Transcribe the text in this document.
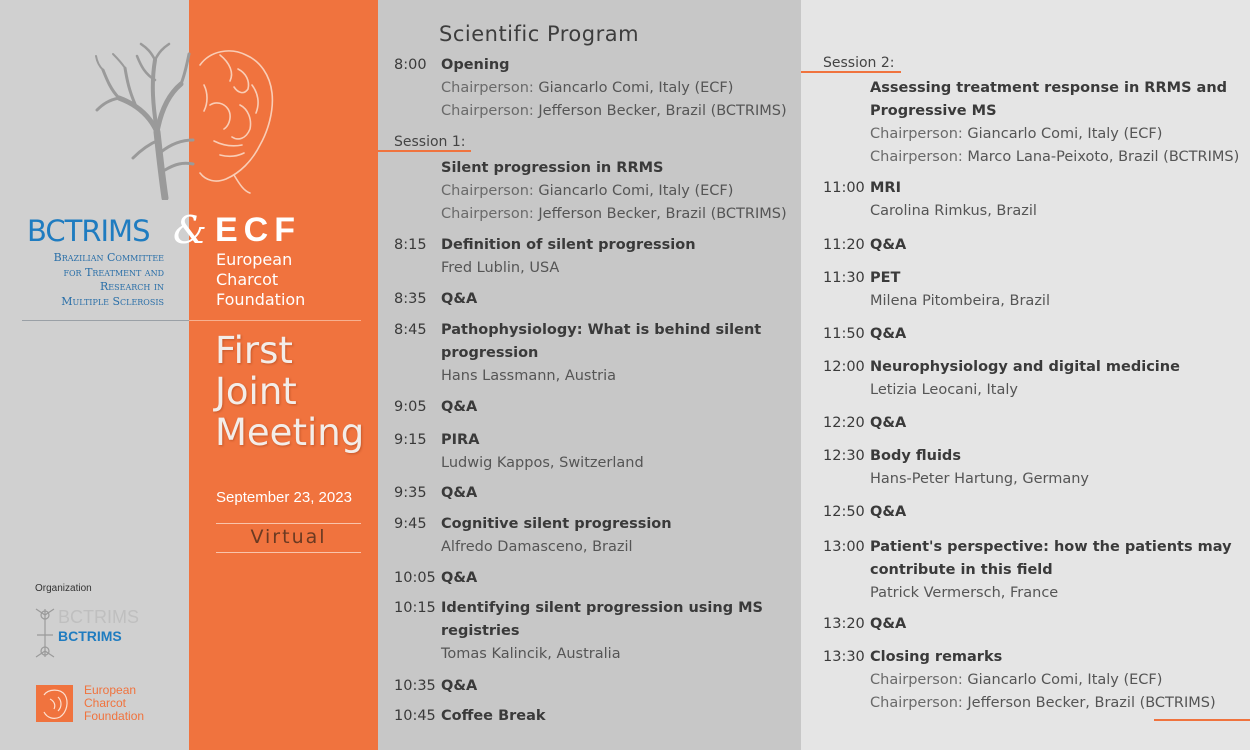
BCTRIMS
Brazilian Committee
for Treatment and
Research in
Multiple Sclerosis
& ECF
European
Charcot
Foundation
First
Joint
Meeting
September 23, 2023
Virtual
Organization
BCTRIMS
BCTRIMS
European
Charcot
Foundation
Scientific Program
8:00 Opening
Chairperson: Giancarlo Comi, Italy (ECF)
Chairperson: Jefferson Becker, Brazil (BCTRIMS)
Session 1:
Silent progression in RRMS
Chairperson: Giancarlo Comi, Italy (ECF)
Chairperson: Jefferson Becker, Brazil (BCTRIMS)
8:15 Definition of silent progression
Fred Lublin, USA
8:35 Q&A
8:45 Pathophysiology: What is behind silent
progression
Hans Lassmann, Austria
9:05 Q&A
9:15 PIRA
Ludwig Kappos, Switzerland
9:35 Q&A
9:45 Cognitive silent progression
Alfredo Damasceno, Brazil
10:05 Q&A
10:15 Identifying silent progression using MS
registries
Tomas Kalincik, Australia
10:35 Q&A
10:45 Coffee Break
Session 2:
Assessing treatment response in RRMS and
Progressive MS
Chairperson: Giancarlo Comi, Italy (ECF)
Chairperson: Marco Lana-Peixoto, Brazil (BCTRIMS)
11:00 MRI
Carolina Rimkus, Brazil
11:20 Q&A
11:30 PET
Milena Pitombeira, Brazil
11:50 Q&A
12:00 Neurophysiology and digital medicine
Letizia Leocani, Italy
12:20 Q&A
12:30 Body fluids
Hans-Peter Hartung, Germany
12:50 Q&A
13:00 Patient's perspective: how the patients may
contribute in this field
Patrick Vermersch, France
13:20 Q&A
13:30 Closing remarks
Chairperson: Giancarlo Comi, Italy (ECF)
Chairperson: Jefferson Becker, Brazil (BCTRIMS)
